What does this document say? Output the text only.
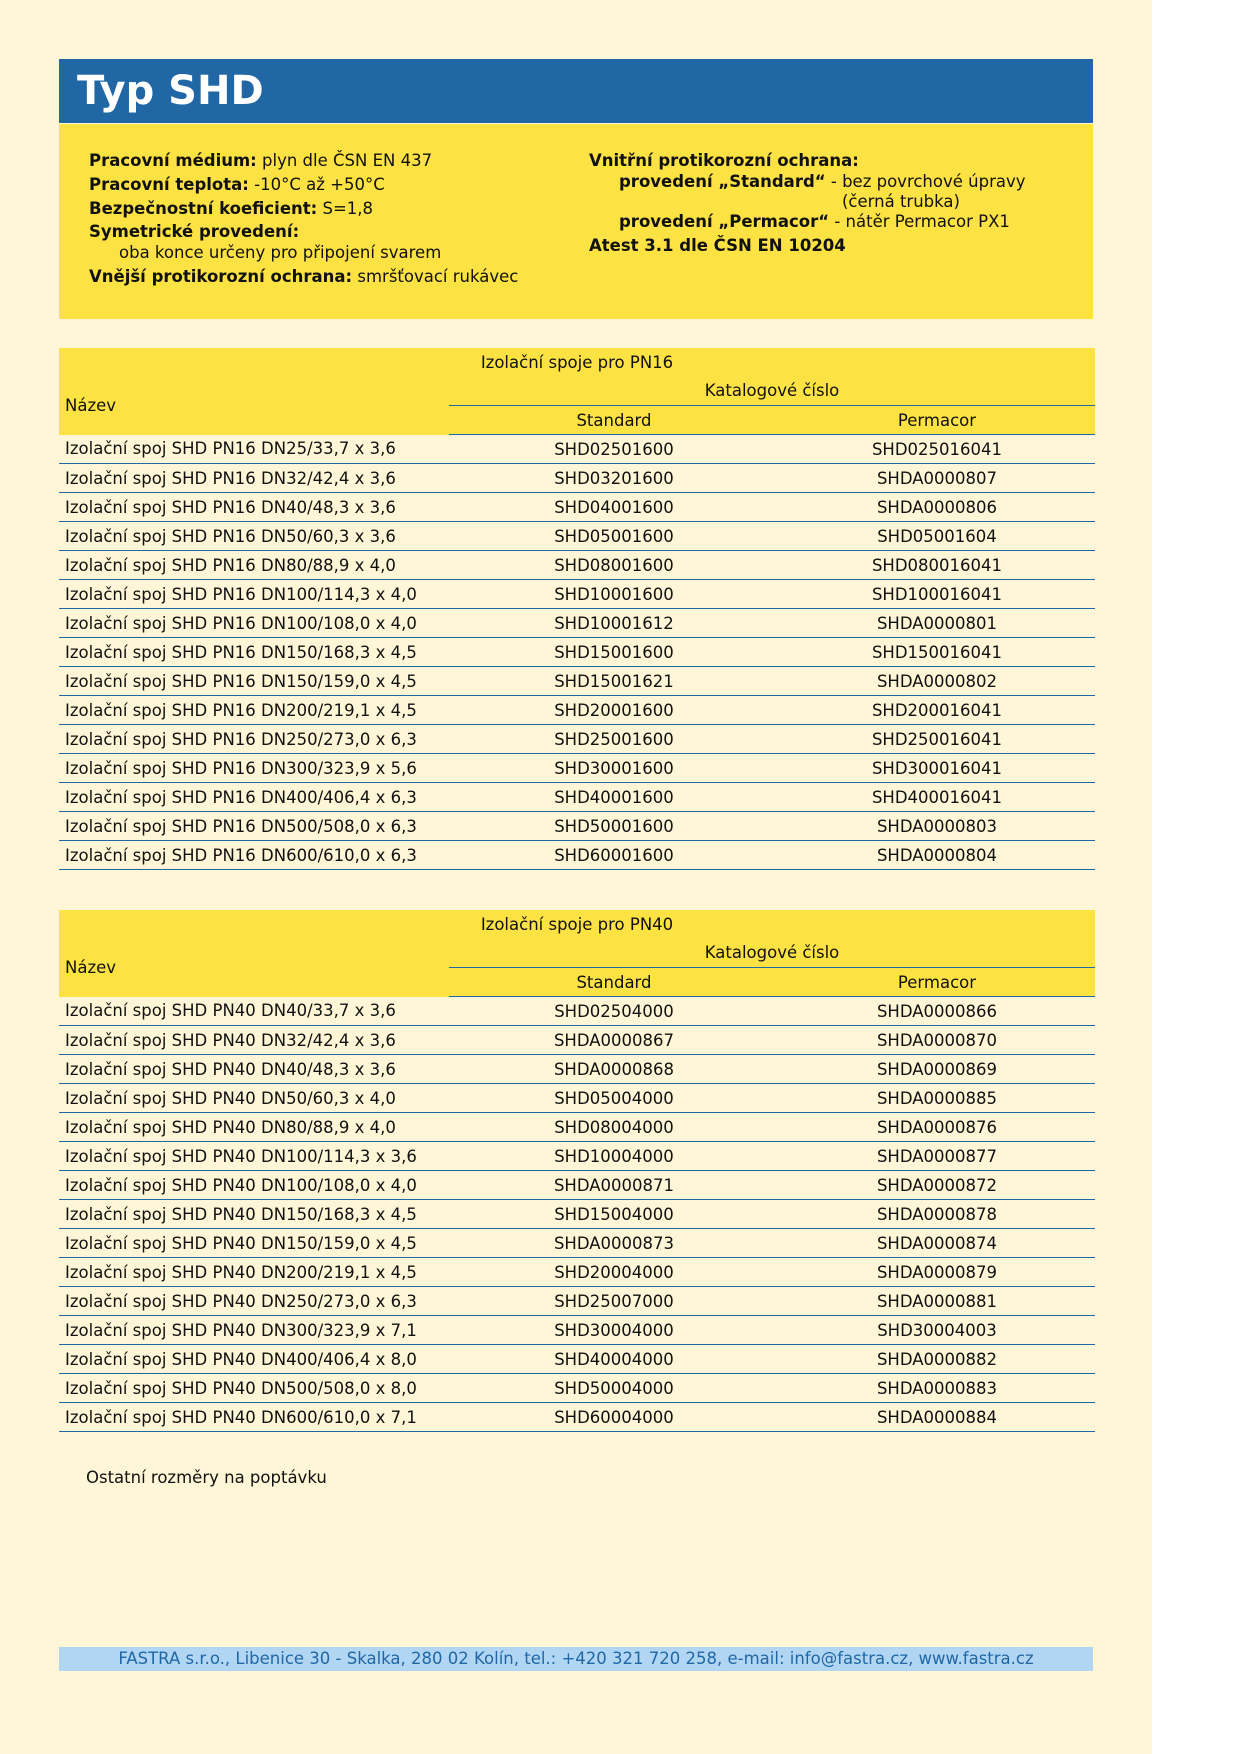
Typ SHD
Pracovní médium: plyn dle ČSN EN 437
Pracovní teplota: -10°C až +50°C
Bezpečnostní koeficient: S=1,8
Symetrické provedení:
oba konce určeny pro připojení svarem
Vnější protikorozní ochrana: smršťovací rukávec
Vnitřní protikorozní ochrana:
provedení „Standard“ - bez povrchové úpravy
(černá trubka)
provedení „Permacor“ - nátěr Permacor PX1
Atest 3.1 dle ČSN EN 10204
Izolační spoje pro PN16		
Název	Katalogové číslo	
	Standard	Permacor
Izolační spoj SHD PN16 DN25/33,7 x 3,6	SHD02501600	SHD025016041
Izolační spoj SHD PN16 DN32/42,4 x 3,6	SHD03201600	SHDA0000807
Izolační spoj SHD PN16 DN40/48,3 x 3,6	SHD04001600	SHDA0000806
Izolační spoj SHD PN16 DN50/60,3 x 3,6	SHD05001600	SHD05001604
Izolační spoj SHD PN16 DN80/88,9 x 4,0	SHD08001600	SHD080016041
Izolační spoj SHD PN16 DN100/114,3 x 4,0	SHD10001600	SHD100016041
Izolační spoj SHD PN16 DN100/108,0 x 4,0	SHD10001612	SHDA0000801
Izolační spoj SHD PN16 DN150/168,3 x 4,5	SHD15001600	SHD150016041
Izolační spoj SHD PN16 DN150/159,0 x 4,5	SHD15001621	SHDA0000802
Izolační spoj SHD PN16 DN200/219,1 x 4,5	SHD20001600	SHD200016041
Izolační spoj SHD PN16 DN250/273,0 x 6,3	SHD25001600	SHD250016041
Izolační spoj SHD PN16 DN300/323,9 x 5,6	SHD30001600	SHD300016041
Izolační spoj SHD PN16 DN400/406,4 x 6,3	SHD40001600	SHD400016041
Izolační spoj SHD PN16 DN500/508,0 x 6,3	SHD50001600	SHDA0000803
Izolační spoj SHD PN16 DN600/610,0 x 6,3	SHD60001600	SHDA0000804
Izolační spoje pro PN40		
Název	Katalogové číslo	
	Standard	Permacor
Izolační spoj SHD PN40 DN40/33,7 x 3,6	SHD02504000	SHDA0000866
Izolační spoj SHD PN40 DN32/42,4 x 3,6	SHDA0000867	SHDA0000870
Izolační spoj SHD PN40 DN40/48,3 x 3,6	SHDA0000868	SHDA0000869
Izolační spoj SHD PN40 DN50/60,3 x 4,0	SHD05004000	SHDA0000885
Izolační spoj SHD PN40 DN80/88,9 x 4,0	SHD08004000	SHDA0000876
Izolační spoj SHD PN40 DN100/114,3 x 3,6	SHD10004000	SHDA0000877
Izolační spoj SHD PN40 DN100/108,0 x 4,0	SHDA0000871	SHDA0000872
Izolační spoj SHD PN40 DN150/168,3 x 4,5	SHD15004000	SHDA0000878
Izolační spoj SHD PN40 DN150/159,0 x 4,5	SHDA0000873	SHDA0000874
Izolační spoj SHD PN40 DN200/219,1 x 4,5	SHD20004000	SHDA0000879
Izolační spoj SHD PN40 DN250/273,0 x 6,3	SHD25007000	SHDA0000881
Izolační spoj SHD PN40 DN300/323,9 x 7,1	SHD30004000	SHD30004003
Izolační spoj SHD PN40 DN400/406,4 x 8,0	SHD40004000	SHDA0000882
Izolační spoj SHD PN40 DN500/508,0 x 8,0	SHD50004000	SHDA0000883
Izolační spoj SHD PN40 DN600/610,0 x 7,1	SHD60004000	SHDA0000884
Ostatní rozměry na poptávku
FASTRA s.r.o., Libenice 30 - Skalka, 280 02 Kolín, tel.: +420 321 720 258, e-mail: info@fastra.cz, www.fastra.cz
